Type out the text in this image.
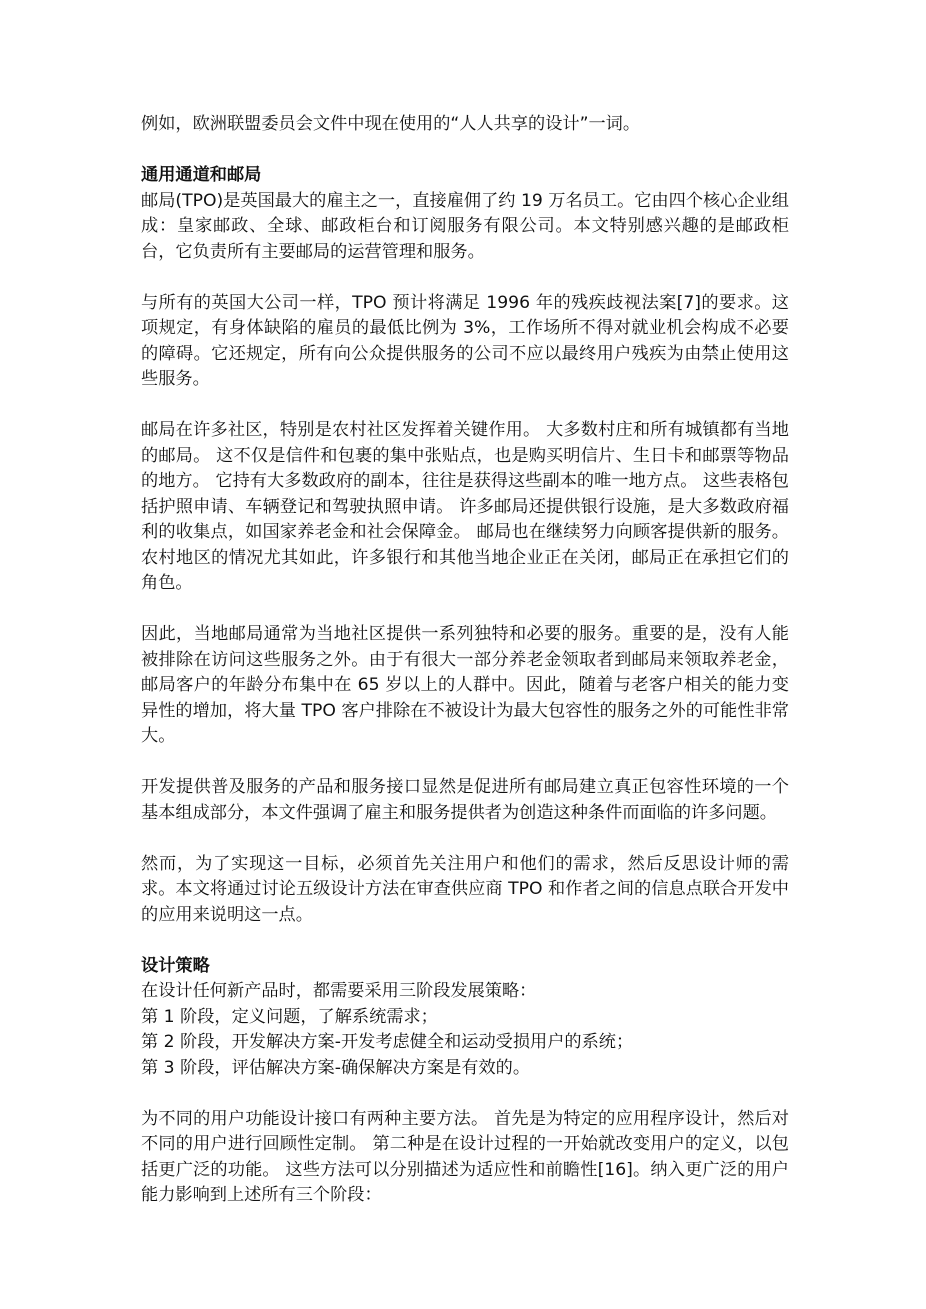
例如，欧洲联盟委员会文件中现在使用的“人人共享的设计”一词。

通用通道和邮局

邮局(TPO)是英国最大的雇主之一，直接雇佣了约 19 万名员工。它由四个核心企业组成：皇家邮政、全球、邮政柜台和订阅服务有限公司。本文特别感兴趣的是邮政柜台，它负责所有主要邮局的运营管理和服务。

与所有的英国大公司一样，TPO 预计将满足 1996 年的残疾歧视法案[7]的要求。这项规定，有身体缺陷的雇员的最低比例为 3%，工作场所不得对就业机会构成不必要的障碍。它还规定，所有向公众提供服务的公司不应以最终用户残疾为由禁止使用这些服务。

邮局在许多社区，特别是农村社区发挥着关键作用。 大多数村庄和所有城镇都有当地的邮局。 这不仅是信件和包裹的集中张贴点，也是购买明信片、生日卡和邮票等物品的地方。 它持有大多数政府的副本，往往是获得这些副本的唯一地方点。 这些表格包括护照申请、车辆登记和驾驶执照申请。 许多邮局还提供银行设施，是大多数政府福利的收集点，如国家养老金和社会保障金。 邮局也在继续努力向顾客提供新的服务。 农村地区的情况尤其如此，许多银行和其他当地企业正在关闭，邮局正在承担它们的角色。

因此，当地邮局通常为当地社区提供一系列独特和必要的服务。重要的是，没有人能被排除在访问这些服务之外。由于有很大一部分养老金领取者到邮局来领取养老金，邮局客户的年龄分布集中在 65 岁以上的人群中。因此，随着与老客户相关的能力变异性的增加，将大量 TPO 客户排除在不被设计为最大包容性的服务之外的可能性非常大。

开发提供普及服务的产品和服务接口显然是促进所有邮局建立真正包容性环境的一个基本组成部分，本文件强调了雇主和服务提供者为创造这种条件而面临的许多问题。

然而，为了实现这一目标，必须首先关注用户和他们的需求，然后反思设计师的需求。本文将通过讨论五级设计方法在审查供应商 TPO 和作者之间的信息点联合开发中的应用来说明这一点。

设计策略

在设计任何新产品时，都需要采用三阶段发展策略：

第 1 阶段，定义问题，了解系统需求；

第 2 阶段，开发解决方案-开发考虑健全和运动受损用户的系统；

第 3 阶段，评估解决方案-确保解决方案是有效的。

为不同的用户功能设计接口有两种主要方法。 首先是为特定的应用程序设计，然后对不同的用户进行回顾性定制。 第二种是在设计过程的一开始就改变用户的定义，以包括更广泛的功能。 这些方法可以分别描述为适应性和前瞻性[16]。纳入更广泛的用户能力影响到上述所有三个阶段：
